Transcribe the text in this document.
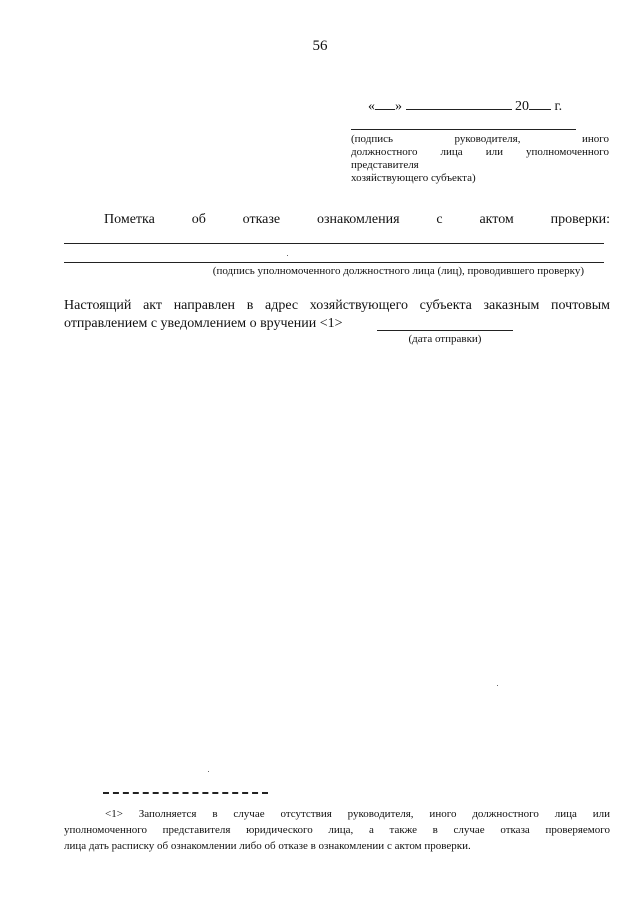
56
« »	20 г.
(подпись руководителя, иного
должностного лица или уполномоченного
представителя
хозяйствующего субъекта)
Пометка	об	отказе	ознакомления	с	актом	проверки:
(подпись уполномоченного должностного лица (лиц), проводившего проверку)
Настоящий акт направлен в адрес хозяйствующего субъекта заказным почтовым
отправлением с уведомлением о вручении <1>
(дата отправки)
<1> Заполняется в случае отсутствия руководителя, иного должностного лица или
уполномоченного представителя юридического лица, а также в случае отказа проверяемого
лица дать расписку об ознакомлении либо об отказе в ознакомлении с актом проверки.
